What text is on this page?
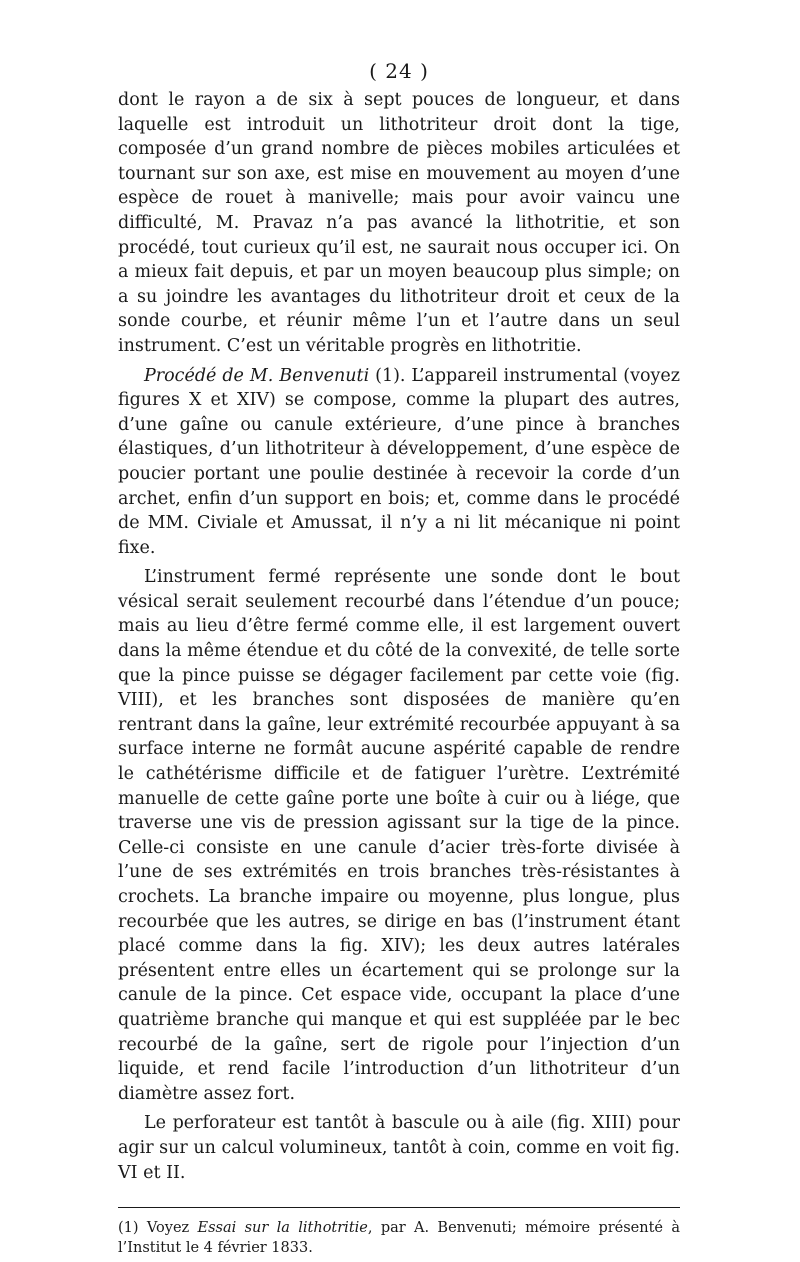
( 24 )

dont le rayon a de six à sept pouces de longueur, et dans laquelle est introduit un lithotriteur droit dont la tige, composée d’un grand nombre de pièces mobiles articulées et tournant sur son axe, est mise en mouvement au moyen d’une espèce de rouet à manivelle; mais pour avoir vaincu une difficulté, M. Pravaz n’a pas avancé la lithotritie, et son procédé, tout curieux qu’il est, ne saurait nous occuper ici. On a mieux fait depuis, et par un moyen beaucoup plus simple; on a su joindre les avantages du lithotriteur droit et ceux de la sonde courbe, et réunir même l’un et l’autre dans un seul instrument. C’est un véritable progrès en lithotritie.

Procédé de M. Benvenuti (1). L’appareil instrumental (voyez figures X et XIV) se compose, comme la plupart des autres, d’une gaîne ou canule extérieure, d’une pince à branches élastiques, d’un lithotriteur à développement, d’une espèce de poucier portant une poulie destinée à recevoir la corde d’un archet, enfin d’un support en bois; et, comme dans le procédé de MM. Civiale et Amussat, il n’y a ni lit mécanique ni point fixe.

L’instrument fermé représente une sonde dont le bout vésical serait seulement recourbé dans l’étendue d’un pouce; mais au lieu d’être fermé comme elle, il est largement ouvert dans la même étendue et du côté de la convexité, de telle sorte que la pince puisse se dégager facilement par cette voie (fig. VIII), et les branches sont disposées de manière qu’en rentrant dans la gaîne, leur extrémité recourbée appuyant à sa surface interne ne formât aucune aspérité capable de rendre le cathétérisme difficile et de fatiguer l’urètre. L’extrémité manuelle de cette gaîne porte une boîte à cuir ou à liége, que traverse une vis de pression agissant sur la tige de la pince. Celle-ci consiste en une canule d’acier très-forte divisée à l’une de ses extrémités en trois branches très-résistantes à crochets. La branche impaire ou moyenne, plus longue, plus recourbée que les autres, se dirige en bas (l’instrument étant placé comme dans la fig. XIV); les deux autres latérales présentent entre elles un écartement qui se prolonge sur la canule de la pince. Cet espace vide, occupant la place d’une quatrième branche qui manque et qui est suppléée par le bec recourbé de la gaîne, sert de rigole pour l’injection d’un liquide, et rend facile l’introduction d’un lithotriteur d’un diamètre assez fort.

Le perforateur est tantôt à bascule ou à aile (fig. XIII) pour agir sur un calcul volumineux, tantôt à coin, comme en voit fig. VI et II.

(1) Voyez Essai sur la lithotritie, par A. Benvenuti; mémoire présenté à l’Institut le 4 février 1833.
